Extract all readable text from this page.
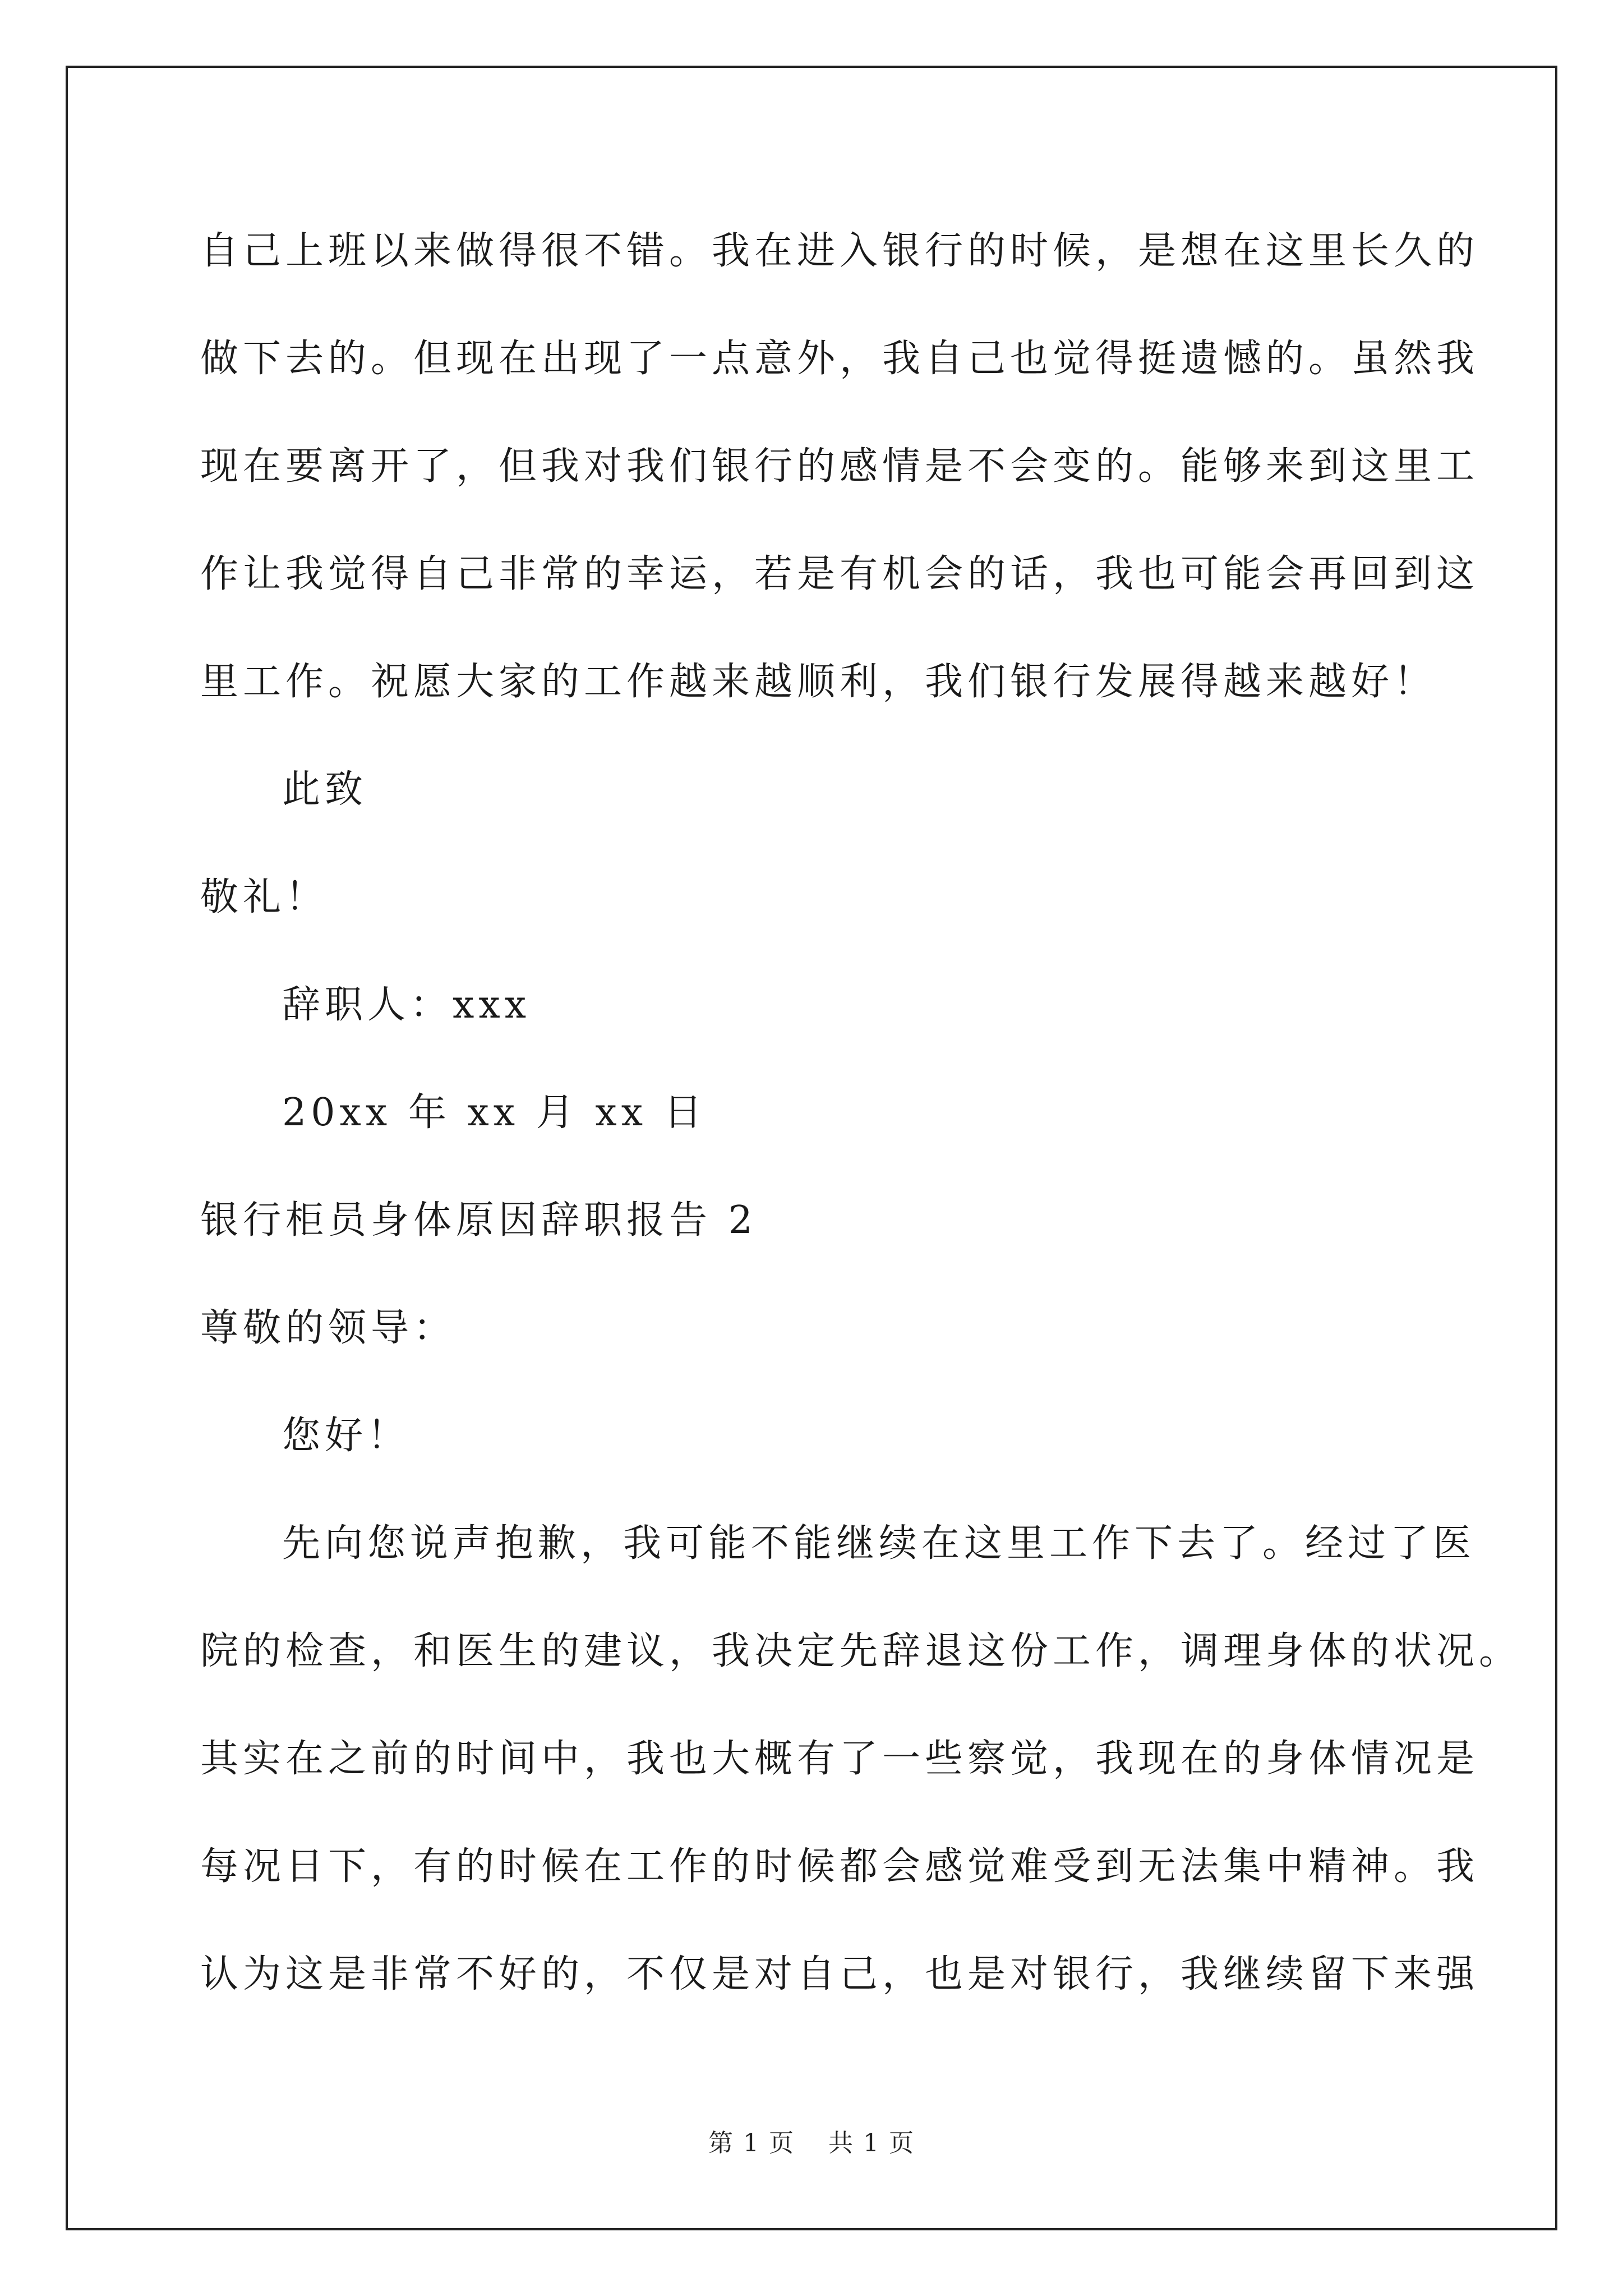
自己上班以来做得很不错。我在进入银行的时候，是想在这里长久的
做下去的。但现在出现了一点意外，我自己也觉得挺遗憾的。虽然我
现在要离开了，但我对我们银行的感情是不会变的。能够来到这里工
作让我觉得自己非常的幸运，若是有机会的话，我也可能会再回到这
里工作。祝愿大家的工作越来越顺利，我们银行发展得越来越好！
此致
敬礼！
辞职人：xxx
20xx 年 xx 月 xx 日
银行柜员身体原因辞职报告 2
尊敬的领导：
您好！
先向您说声抱歉，我可能不能继续在这里工作下去了。经过了医
院的检查，和医生的建议，我决定先辞退这份工作，调理身体的状况。
其实在之前的时间中，我也大概有了一些察觉，我现在的身体情况是
每况日下，有的时候在工作的时候都会感觉难受到无法集中精神。我
认为这是非常不好的，不仅是对自己，也是对银行，我继续留下来强
第 1 页 共 1 页
